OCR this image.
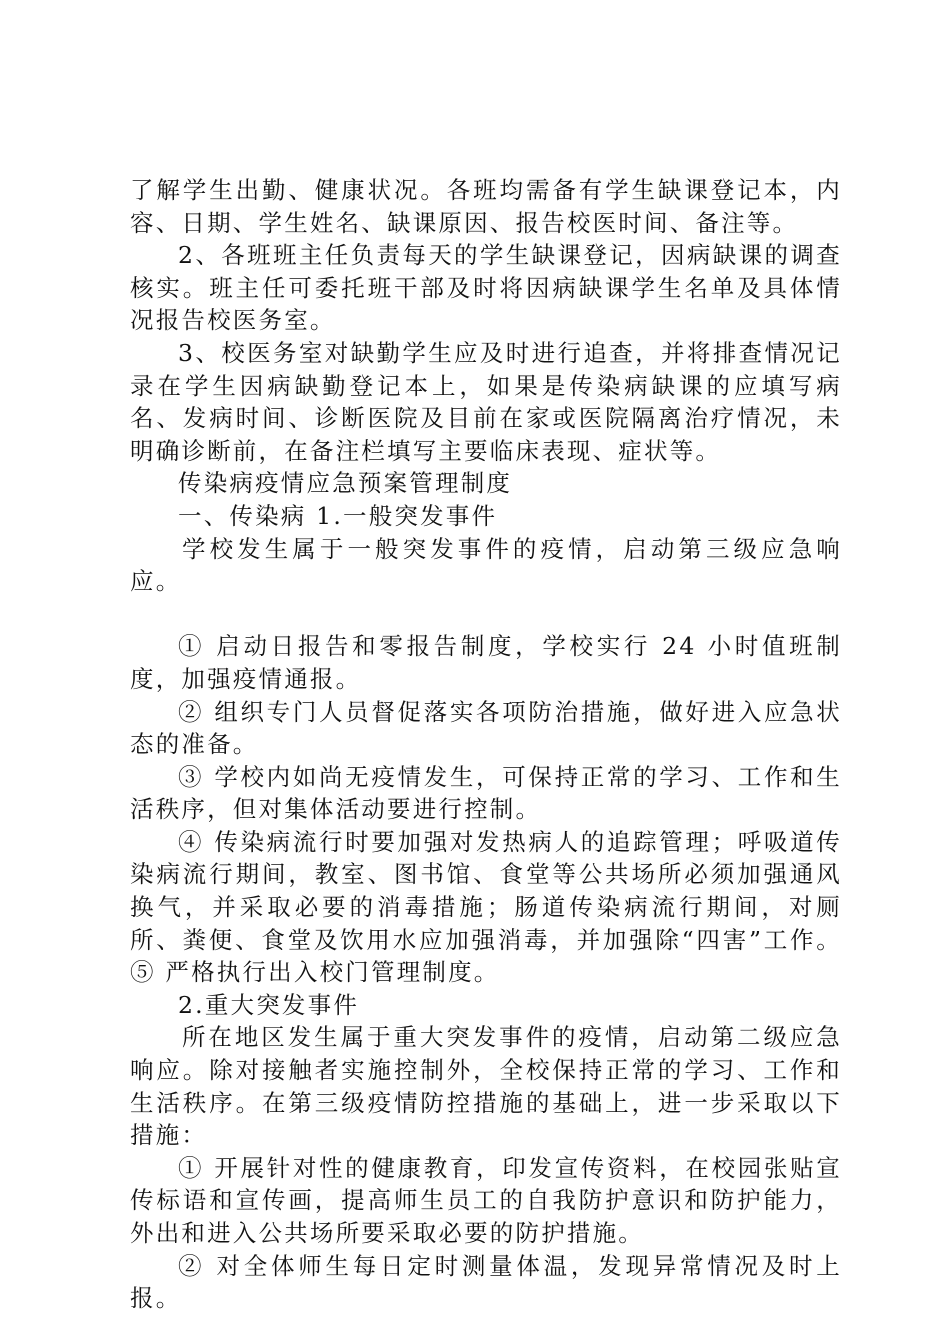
了解学生出勤、健康状况。各班均需备有学生缺课登记本，内容、日期、学生姓名、缺课原因、报告校医时间、备注等。

2、各班班主任负责每天的学生缺课登记，因病缺课的调查核实。班主任可委托班干部及时将因病缺课学生名单及具体情况报告校医务室。

3、校医务室对缺勤学生应及时进行追查，并将排查情况记录在学生因病缺勤登记本上，如果是传染病缺课的应填写病名、发病时间、诊断医院及目前在家或医院隔离治疗情况，未明确诊断前，在备注栏填写主要临床表现、症状等。

传染病疫情应急预案管理制度

一、传染病 1.一般突发事件

学校发生属于一般突发事件的疫情，启动第三级应急响应。

① 启动日报告和零报告制度，学校实行 24 小时值班制度，加强疫情通报。

② 组织专门人员督促落实各项防治措施，做好进入应急状态的准备。

③ 学校内如尚无疫情发生，可保持正常的学习、工作和生活秩序，但对集体活动要进行控制。

④ 传染病流行时要加强对发热病人的追踪管理；呼吸道传染病流行期间，教室、图书馆、食堂等公共场所必须加强通风换气，并采取必要的消毒措施；肠道传染病流行期间，对厕所、粪便、食堂及饮用水应加强消毒，并加强除“四害”工作。⑤ 严格执行出入校门管理制度。

2.重大突发事件

所在地区发生属于重大突发事件的疫情，启动第二级应急响应。除对接触者实施控制外，全校保持正常的学习、工作和生活秩序。在第三级疫情防控措施的基础上，进一步采取以下措施：

① 开展针对性的健康教育，印发宣传资料，在校园张贴宣传标语和宣传画，提高师生员工的自我防护意识和防护能力，外出和进入公共场所要采取必要的防护措施。

② 对全体师生每日定时测量体温，发现异常情况及时上报。
